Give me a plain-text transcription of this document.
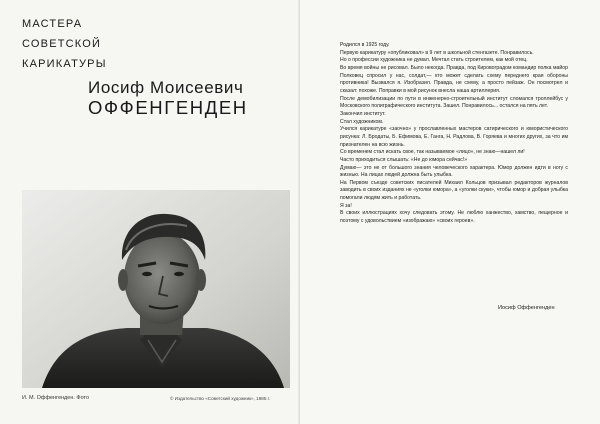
МАСТЕРА
СОВЕТСКОЙ
КАРИКАТУРЫ
Иосиф Моисеевич
ОФФЕНГЕНДЕН
И. М. Оффенгенден. Фото	© Издательство «Советский художник», 1985 г.

Родился в 1925 году.

Первую карикатуру «опубликовал» в 9 лет в школьной стенгазете. Понравилось.

Но о профессии художника не думал. Мечтал стать строителем, как мой отец.

Во время войны не рисовал. Было некогда. Правда, под Кировоградом командир полка майор Полковец спросил у нас, солдат,— кто может сделать схему переднего края обороны противника! Вызвался я. Изобразил. Правда, не схему, а просто пейзаж. Он посмотрел и сказал: похоже. Поправки в мой рисунок внесла наша артиллерия.

После демобилизации по пути в инженерно-строительный институт сломался троллейбус у Московского полиграфического института. Зашел. Понравилось... остался на пять лет.

Закончил институт.

Стал художником.

Учился карикатуре «заочно» у прославленных мастеров сатирического и юмористического рисунка: Л. Бродаты, Б. Ефимова, Е. Ганга, Н. Радлова, В. Горяева и многих других, за что им признателен на всю жизнь.

Со временем стал искать свое, так называемое «лицо», не знаю—нашел ли!

Часто приходиться слышать: «Не до юмора сейчас!»

Думаю— это не от большого знания человеческого характера. Юмор должен идти в ногу с жизнью. На лицах людей должна быть улыбка.

На Первом съезде советских писателей Михаил Кольцов призывал редакторов журналов заводить в своих изданиях не «уголки юмора», а «уголки скуки», чтобы юмор и добрая улыбка помогали людям жить и работать.

Я за!

В своих иллюстрациях хочу следовать этому. Не люблю ханжество, хамство, пещерное и поэтому с удовольствием «изображаю» «своих героев».

Иосиф Оффенгенден
